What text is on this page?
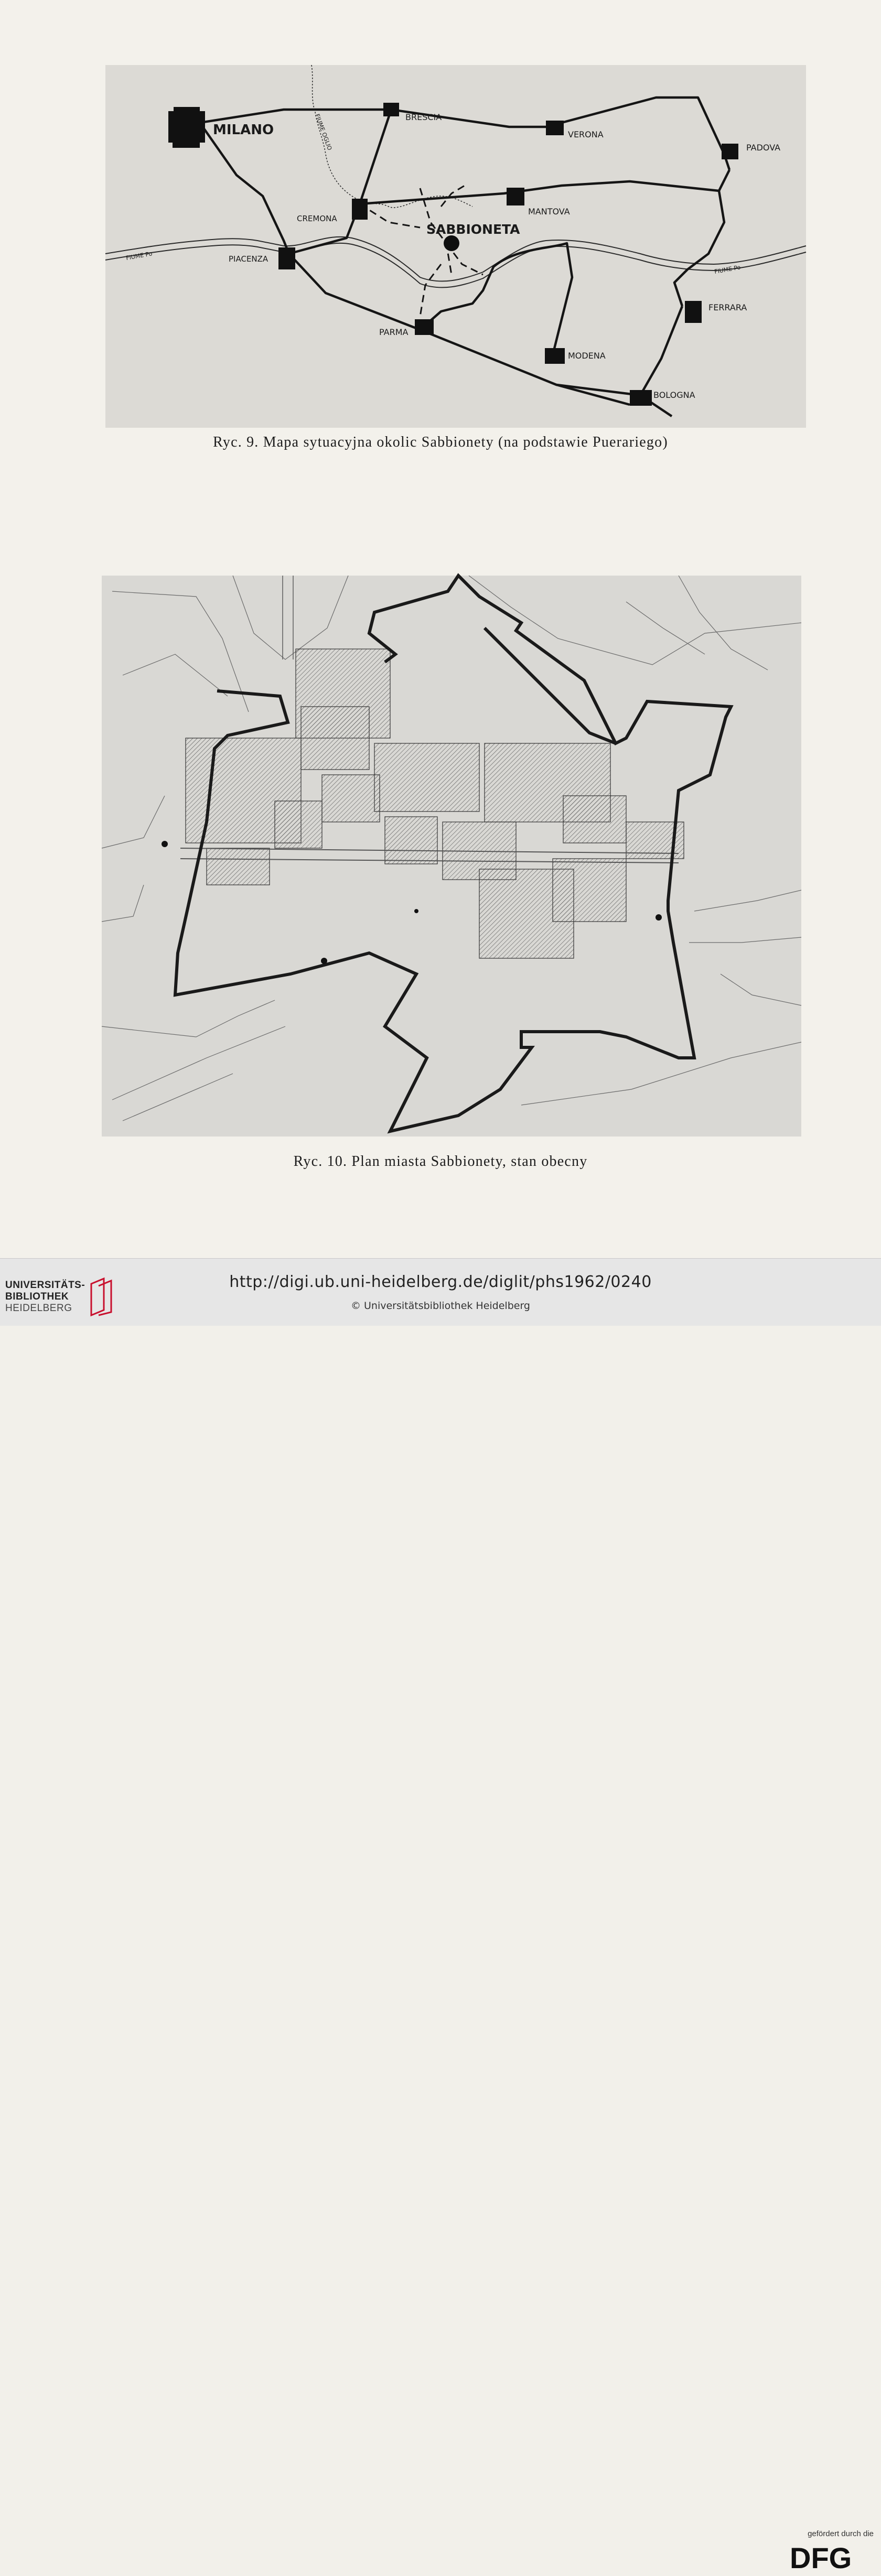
MILANO
BRESCIA
VERONA
PADOVA
CREMONA
MANTOVA
SABBIONETA
PIACENZA
FERRARA
PARMA
MODENA
BOLOGNA
FIUME Po
FIUME Po
FIUME OGLIO
Ryc. 9. Mapa sytuacyjna okolic Sabbionety (na podstawie Puerariego)
Ryc. 10. Plan miasta Sabbionety, stan obecny
UNIVERSITÄTS-
BIBLIOTHEK
HEIDELBERG
gefördert durch die
DFG
http://digi.ub.uni-heidelberg.de/diglit/phs1962/0240
© Universitätsbibliothek Heidelberg
